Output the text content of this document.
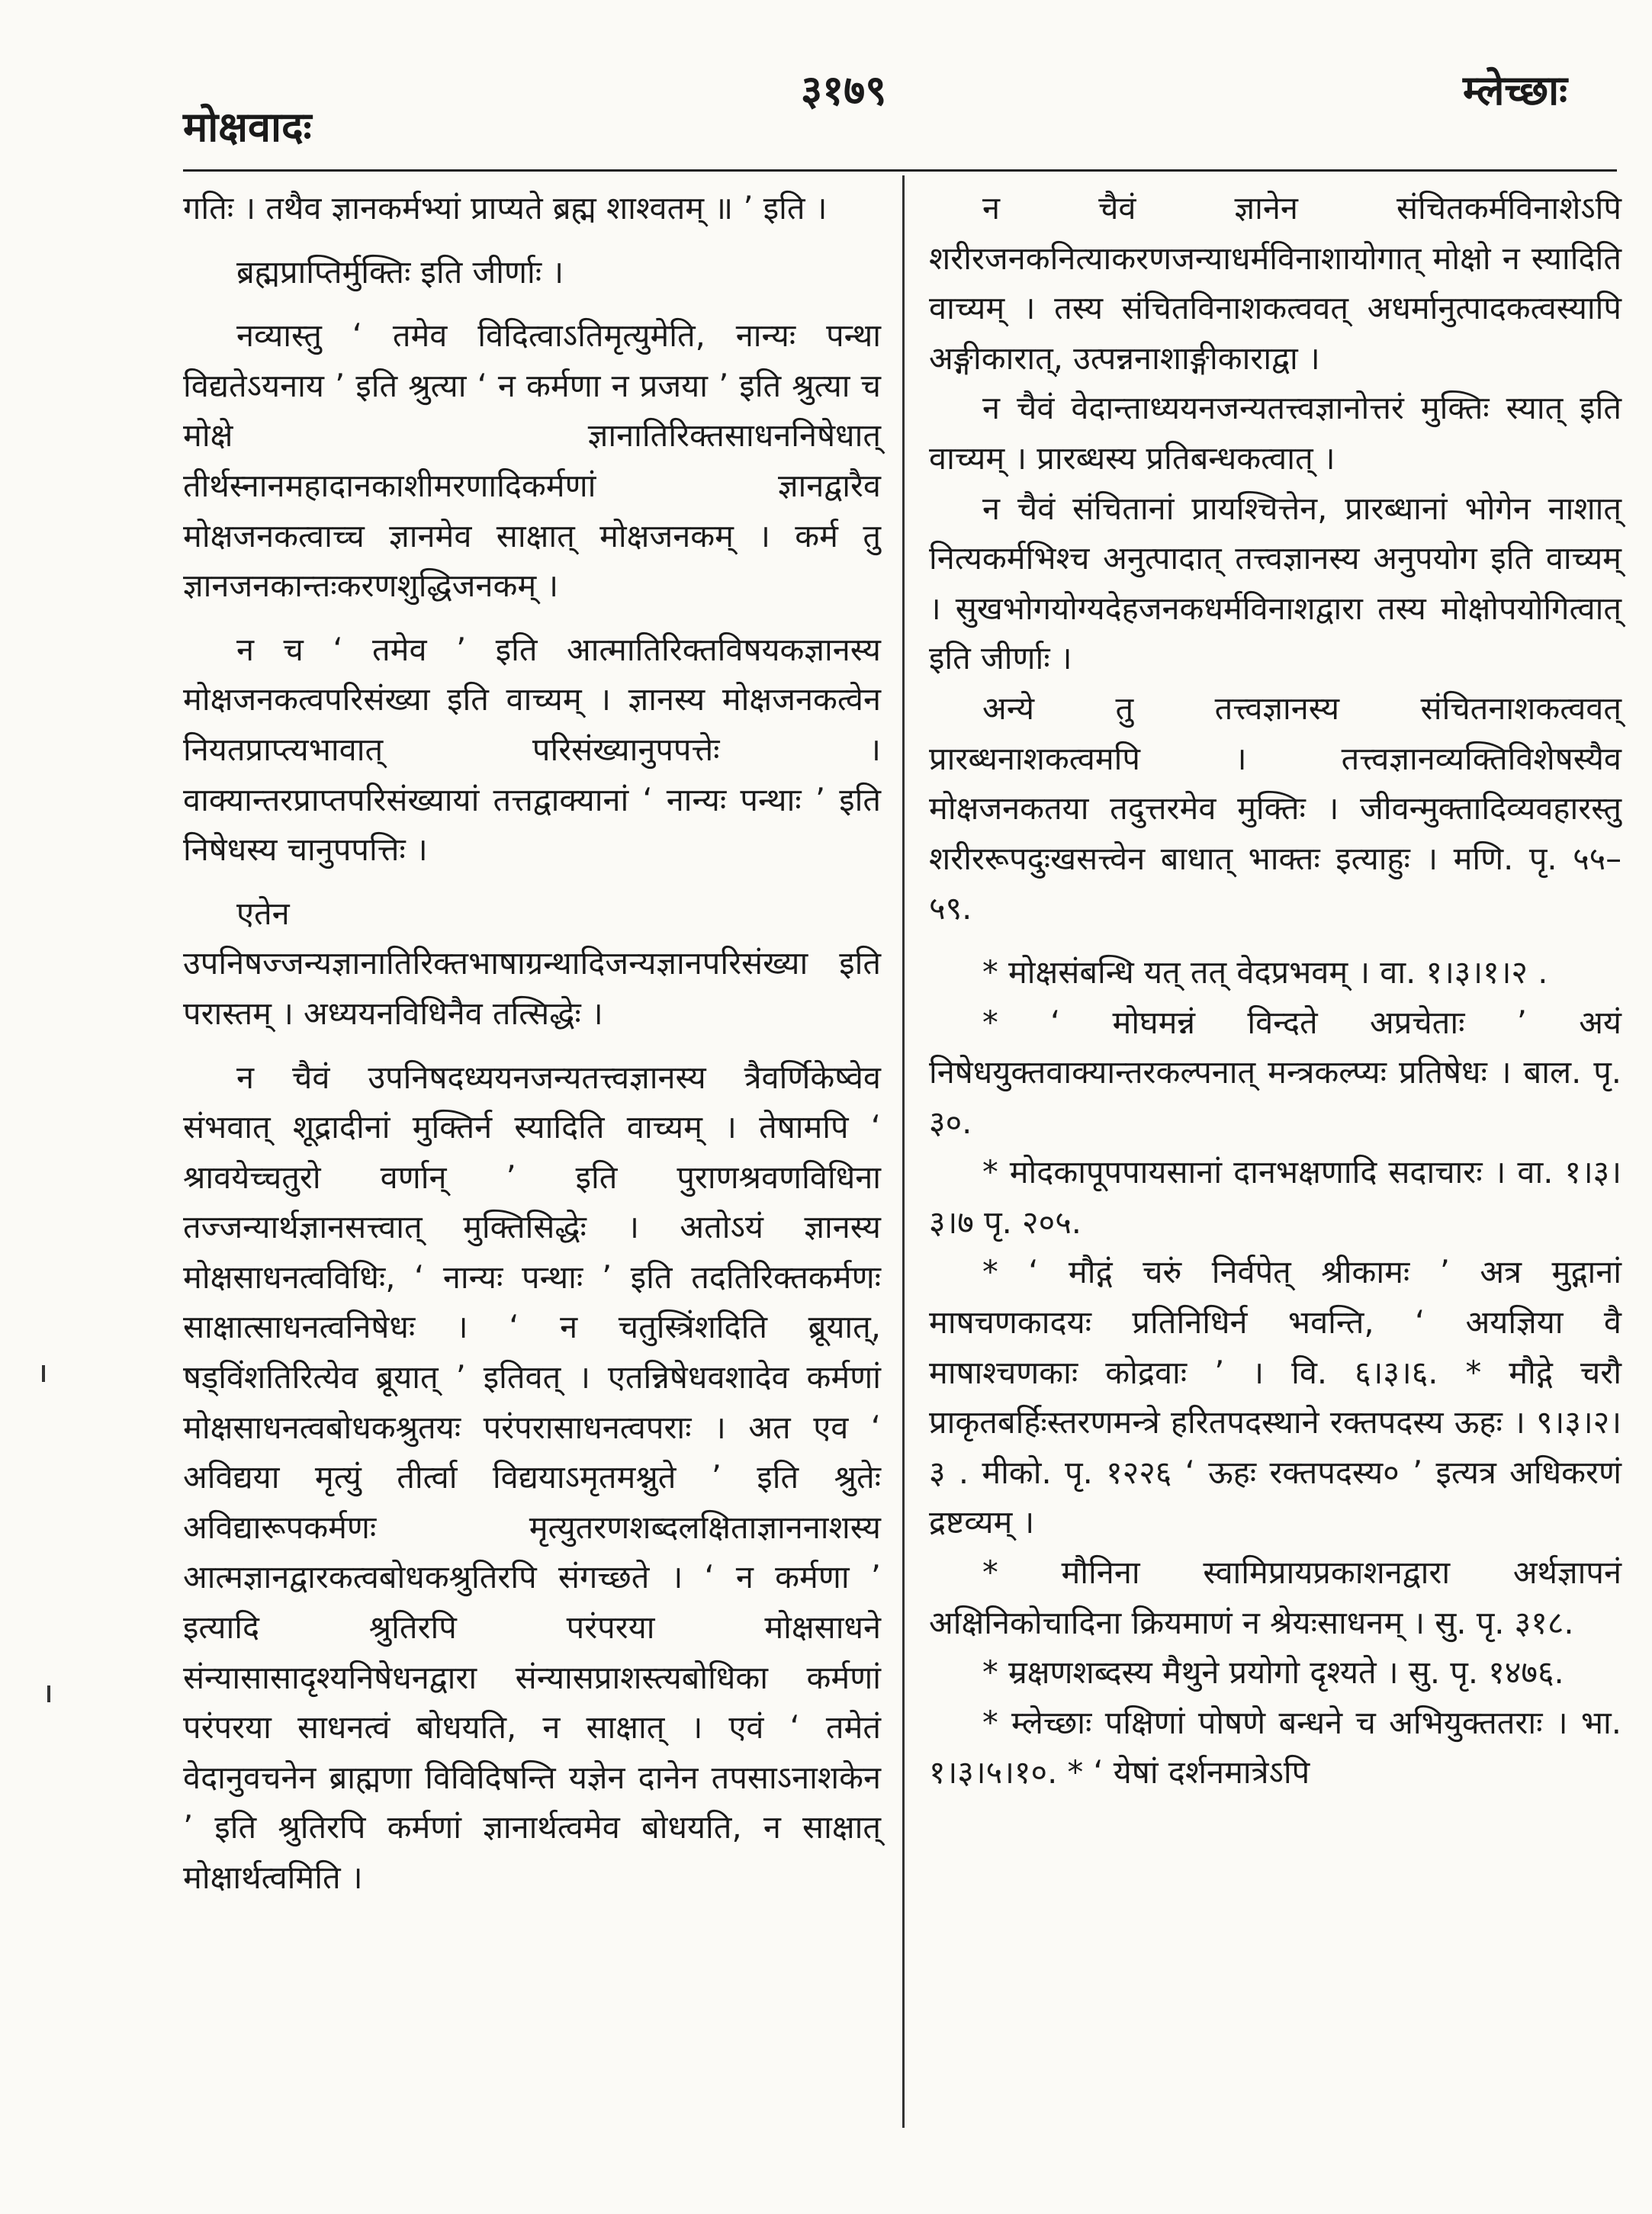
मोक्षवादः
३१७९	म्लेच्छाः

गतिः । तथैव ज्ञानकर्मभ्यां प्राप्यते ब्रह्म शाश्वतम् ॥ ’ इति ।

ब्रह्मप्राप्तिर्मुक्तिः इति जीर्णाः ।

नव्यास्तु ‘ तमेव विदित्वाऽतिमृत्युमेति, नान्यः पन्था विद्यतेऽयनाय ’ इति श्रुत्या ‘ न कर्मणा न प्रजया ’ इति श्रुत्या च मोक्षे ज्ञानातिरिक्तसाधननिषेधात् तीर्थस्नानमहादानकाशीमरणादिकर्मणां ज्ञानद्वारैव मोक्षजनकत्वाच्च ज्ञानमेव साक्षात् मोक्षजनकम् । कर्म तु ज्ञानजनकान्तःकरणशुद्धिजनकम् ।

न च ‘ तमेव ’ इति आत्मातिरिक्तविषयकज्ञानस्य मोक्षजनकत्वपरिसंख्या इति वाच्यम् । ज्ञानस्य मोक्षजनकत्वेन नियतप्राप्त्यभावात् परिसंख्यानुपपत्तेः । वाक्यान्तरप्राप्तपरिसंख्यायां तत्तद्वाक्यानां ‘ नान्यः पन्थाः ’ इति निषेधस्य चानुपपत्तिः ।

एतेन उपनिषज्जन्यज्ञानातिरिक्तभाषाग्रन्थादिजन्यज्ञानपरिसंख्या इति परास्तम् । अध्ययनविधिनैव तत्सिद्धेः ।

न चैवं उपनिषदध्ययनजन्यतत्त्वज्ञानस्य त्रैवर्णिकेष्वेव संभवात् शूद्रादीनां मुक्तिर्न स्यादिति वाच्यम् । तेषामपि ‘ श्रावयेच्चतुरो वर्णान् ’ इति पुराणश्रवणविधिना तज्जन्यार्थज्ञानसत्त्वात् मुक्तिसिद्धेः । अतोऽयं ज्ञानस्य मोक्षसाधनत्वविधिः, ‘ नान्यः पन्थाः ’ इति तदतिरिक्तकर्मणः साक्षात्साधनत्वनिषेधः । ‘ न चतुस्त्रिंशदिति ब्रूयात्, षड्विंशतिरित्येव ब्रूयात् ’ इतिवत् । एतन्निषेधवशादेव कर्मणां मोक्षसाधनत्वबोधकश्रुतयः परंपरासाधनत्वपराः । अत एव ‘ अविद्यया मृत्युं तीर्त्वा विद्ययाऽमृतमश्नुते ’ इति श्रुतेः अविद्यारूपकर्मणः मृत्युतरणशब्दलक्षिताज्ञाननाशस्य आत्मज्ञानद्वारकत्वबोधकश्रुतिरपि संगच्छते । ‘ न कर्मणा ’ इत्यादि श्रुतिरपि परंपरया मोक्षसाधने संन्यासासादृश्यनिषेधनद्वारा संन्यासप्राशस्त्यबोधिका कर्मणां परंपरया साधनत्वं बोधयति, न साक्षात् । एवं ‘ तमेतं वेदानुवचनेन ब्राह्मणा विविदिषन्ति यज्ञेन दानेन तपसाऽनाशकेन ’ इति श्रुतिरपि कर्मणां ज्ञानार्थत्वमेव बोधयति, न साक्षात् मोक्षार्थत्वमिति ।

न चैवं ज्ञानेन संचितकर्मविनाशेऽपि शरीरजनकनित्याकरणजन्याधर्मविनाशायोगात् मोक्षो न स्यादिति वाच्यम् । तस्य संचितविनाशकत्ववत् अधर्मानुत्पादकत्वस्यापि अङ्गीकारात्, उत्पन्ननाशाङ्गीकाराद्वा ।

न चैवं वेदान्ताध्ययनजन्यतत्त्वज्ञानोत्तरं मुक्तिः स्यात् इति वाच्यम् । प्रारब्धस्य प्रतिबन्धकत्वात् ।

न चैवं संचितानां प्रायश्चित्तेन, प्रारब्धानां भोगेन नाशात् नित्यकर्मभिश्च अनुत्पादात् तत्त्वज्ञानस्य अनुपयोग इति वाच्यम् । सुखभोगयोग्यदेहजनकधर्मविनाशद्वारा तस्य मोक्षोपयोगित्वात् इति जीर्णाः ।

अन्ये तु तत्त्वज्ञानस्य संचितनाशकत्ववत् प्रारब्धनाशकत्वमपि । तत्त्वज्ञानव्यक्तिविशेषस्यैव मोक्षजनकतया तदुत्तरमेव मुक्तिः । जीवन्मुक्तादिव्यवहारस्तु शरीररूपदुःखसत्त्वेन बाधात् भाक्तः इत्याहुः । मणि. पृ. ५५–५९.

* मोक्षसंबन्धि यत् तत् वेदप्रभवम् । वा. १।३।१।२ .

* ‘ मोघमन्नं विन्दते अप्रचेताः ’ अयं निषेधयुक्तवाक्यान्तरकल्पनात् मन्त्रकल्प्यः प्रतिषेधः । बाल. पृ. ३०.

* मोदकापूपपायसानां दानभक्षणादि सदाचारः । वा. १।३।३।७ पृ. २०५.

* ‘ मौद्गं चरुं निर्वपेत् श्रीकामः ’ अत्र मुद्गानां माषचणकादयः प्रतिनिधिर्न भवन्ति, ‘ अयज्ञिया वै माषाश्चणकाः कोद्रवाः ’ । वि. ६।३।६. * मौद्गे चरौ प्राकृतबर्हिःस्तरणमन्त्रे हरितपदस्थाने रक्तपदस्य ऊहः । ९।३।२।३ . मीको. पृ. १२२६ ‘ ऊहः रक्तपदस्य० ’ इत्यत्र अधिकरणं द्रष्टव्यम् ।

* मौनिना स्वामिप्रायप्रकाशनद्वारा अर्थज्ञापनं अक्षिनिकोचादिना क्रियमाणं न श्रेयःसाधनम् । सु. पृ. ३१८.

* म्रक्षणशब्दस्य मैथुने प्रयोगो दृश्यते । सु. पृ. १४७६.

* म्लेच्छाः पक्षिणां पोषणे बन्धने च अभियुक्ततराः । भा. १।३।५।१०. * ‘ येषां दर्शनमात्रेऽपि
